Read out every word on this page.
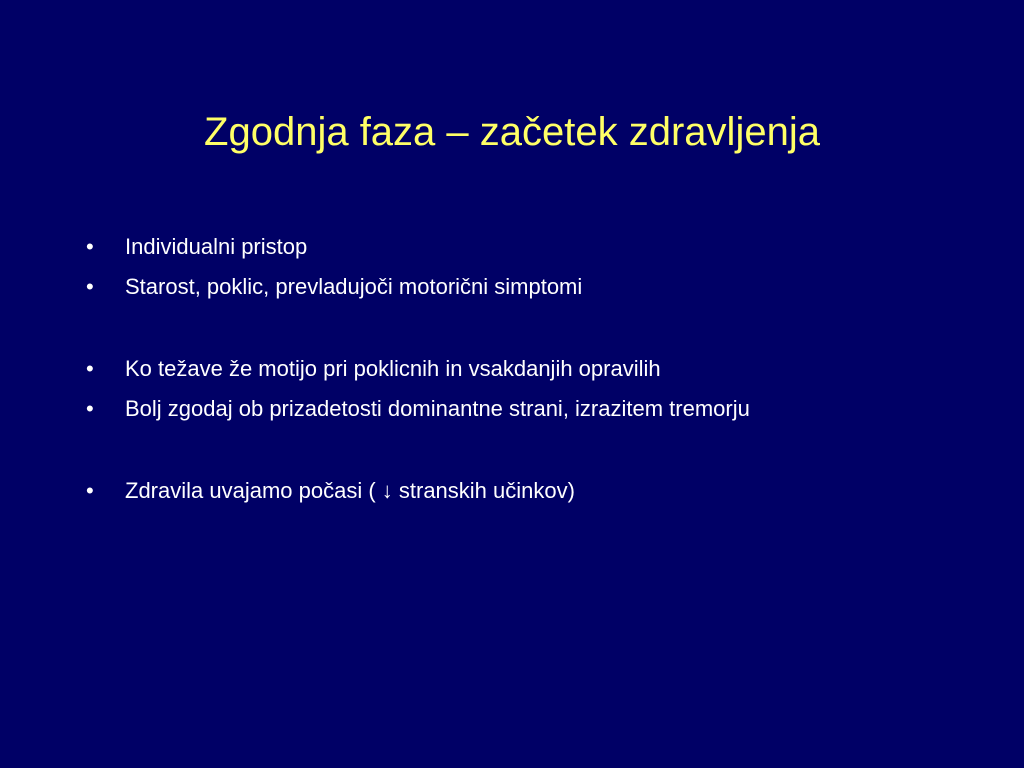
Zgodnja faza – začetek zdravljenja
•	Individualni pristop
•	Starost, poklic, prevladujoči motorični simptomi
•	Ko težave že motijo pri poklicnih in vsakdanjih opravilih
•	Bolj zgodaj ob prizadetosti dominantne strani, izrazitem tremorju
•	Zdravila uvajamo počasi ( ↓ stranskih učinkov)
